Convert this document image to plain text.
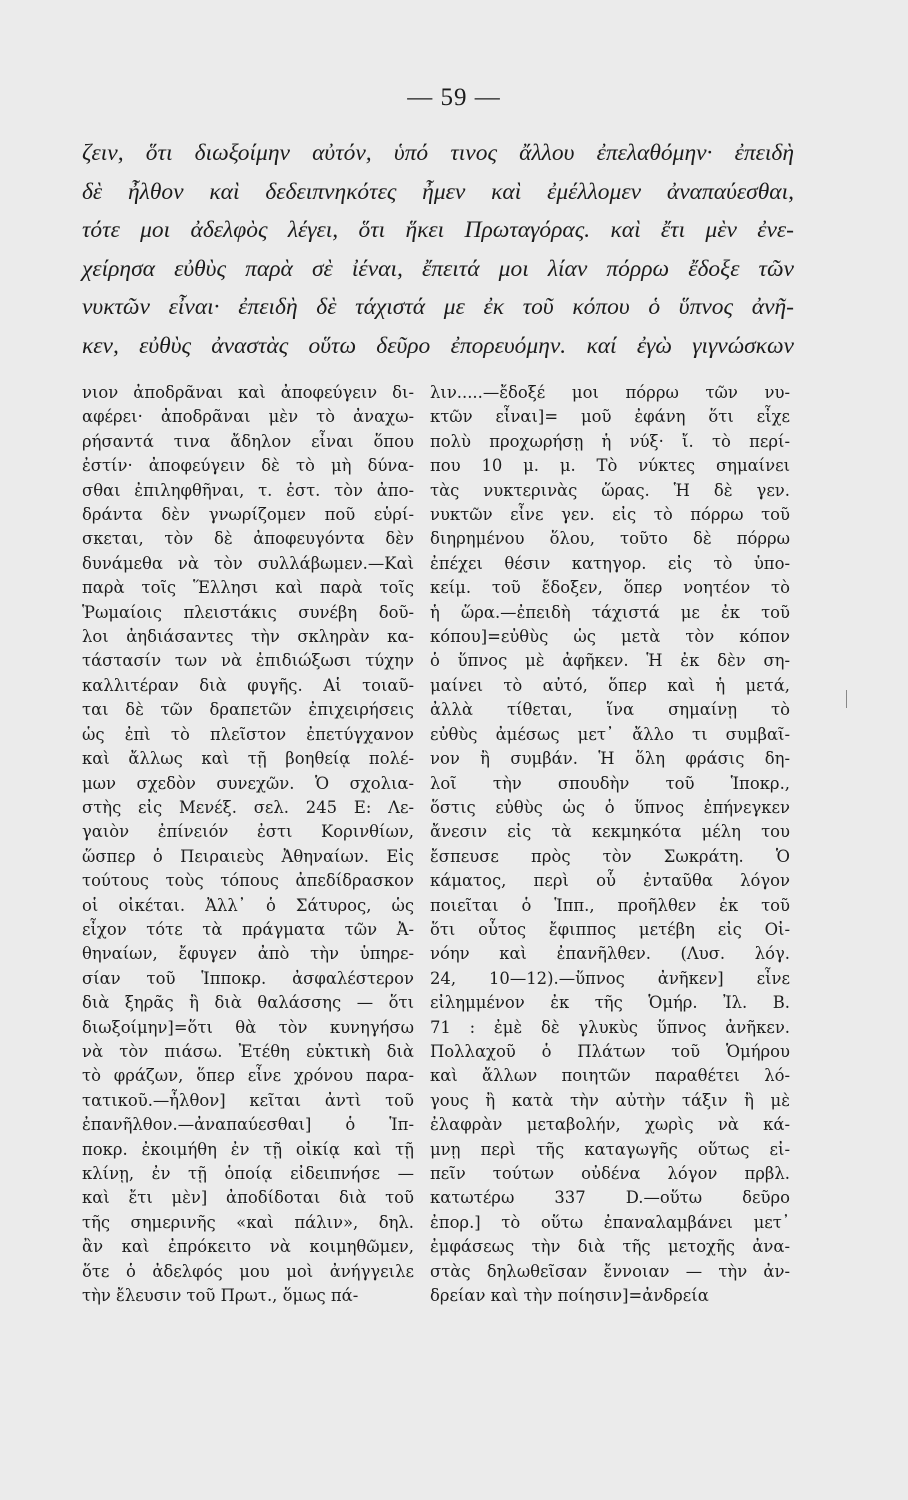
— 59 —
ζειν, ὅτι διωξοίμην αὐτόν, ὑπό τινος ἄλλου ἐπελαθόμην· ἐπειδὴ
δὲ ἦλθον καὶ δεδειπνηκότες ἦμεν καὶ ἐμέλλομεν ἀναπαύεσθαι,
τότε μοι ἀδελφὸς λέγει, ὅτι ἥκει Πρωταγόρας. καὶ ἔτι μὲν ἐνε-
χείρησα εὐθὺς παρὰ σὲ ἰέναι, ἔπειτά μοι λίαν πόρρω ἔδοξε τῶν
νυκτῶν εἶναι· ἐπειδὴ δὲ τάχιστά με ἐκ τοῦ κόπου ὁ ὕπνος ἀνῆ-
κεν, εὐθὺς ἀναστὰς οὕτω δεῦρο ἐπορευόμην. καί ἐγὼ γιγνώσκων
νιον ἀποδρᾶναι καὶ ἀποφεύγειν δι-
αφέρει· ἀποδρᾶναι μὲν τὸ ἀναχω-
ρήσαντά τινα ἄδηλον εἶναι ὅπου
ἐστίν· ἀποφεύγειν δὲ τὸ μὴ δύνα-
σθαι ἐπιληφθῆναι, τ. ἐστ. τὸν ἀπο-
δράντα δὲν γνωρίζομεν ποῦ εὑρί-
σκεται, τὸν δὲ ἀποφευγόντα δὲν
δυνάμεθα νὰ τὸν συλλάβωμεν.—Καὶ
παρὰ τοῖς Ἕλλησι καὶ παρὰ τοῖς
Ῥωμαίοις πλειστάκις συνέβη δοῦ-
λοι ἀηδιάσαντες τὴν σκληρὰν κα-
τάστασίν των νὰ ἐπιδιώξωσι τύχην
καλλιτέραν διὰ φυγῆς. Αἱ τοιαῦ-
ται δὲ τῶν δραπετῶν ἐπιχειρήσεις
ὡς ἐπὶ τὸ πλεῖστον ἐπετύγχανον
καὶ ἄλλως καὶ τῇ βοηθείᾳ πολέ-
μων σχεδὸν συνεχῶν. Ὁ σχολια-
στὴς εἰς Μενέξ. σελ. 245 Ε: Λε-
γαιὸν ἐπίνειόν ἐστι Κορινθίων,
ὥσπερ ὁ Πειραιεὺς Ἀθηναίων. Εἰς
τούτους τοὺς τόπους ἀπεδίδρασκον
οἱ οἰκέται. Ἀλλ᾽ ὁ Σάτυρος, ὡς
εἶχον τότε τὰ πράγματα τῶν Ἀ-
θηναίων, ἔφυγεν ἀπὸ τὴν ὑπηρε-
σίαν τοῦ Ἱπποκρ. ἀσφαλέστερον
διὰ ξηρᾶς ἢ διὰ θαλάσσης — ὅτι
διωξοίμην]=ὅτι θὰ τὸν κυνηγήσω
νὰ τὸν πιάσω. Ἐτέθη εὐκτικὴ διὰ
τὸ φράζων, ὅπερ εἶνε χρόνου παρα-
τατικοῦ.—ἦλθον] κεῖται ἀντὶ τοῦ
ἐπανῆλθον.—ἀναπαύεσθαι] ὁ Ἱπ-
ποκρ. ἐκοιμήθη ἐν τῇ οἰκίᾳ καὶ τῇ
κλίνῃ, ἐν τῇ ὁποίᾳ εἰδειπνήσε —
καὶ ἔτι μὲν] ἀποδίδοται διὰ τοῦ
τῆς σημερινῆς «καὶ πάλιν», δηλ.
ἂν καὶ ἐπρόκειτο νὰ κοιμηθῶμεν,
ὅτε ὁ ἀδελφός μου μοὶ ἀνήγγειλε
τὴν ἔλευσιν τοῦ Πρωτ., ὅμως πά-
λιν.....—ἔδοξέ μοι πόρρω τῶν νυ-
κτῶν εἶναι]= μοῦ ἐφάνη ὅτι εἶχε
πολὺ προχωρήσῃ ἡ νύξ· ἴ. τὸ περί-
που 10 μ. μ. Τὸ νύκτες σημαίνει
τὰς νυκτερινὰς ὥρας. Ἡ δὲ γεν.
νυκτῶν εἶνε γεν. εἰς τὸ πόρρω τοῦ
διηρημένου ὅλου, τοῦτο δὲ πόρρω
ἐπέχει θέσιν κατηγορ. εἰς τὸ ὑπο-
κείμ. τοῦ ἔδοξεν, ὅπερ νοητέον τὸ
ἡ ὥρα.—ἐπειδὴ τάχιστά με ἐκ τοῦ
κόπου]=εὐθὺς ὡς μετὰ τὸν κόπον
ὁ ὕπνος μὲ ἀφῆκεν. Ἡ ἐκ δὲν ση-
μαίνει τὸ αὐτό, ὅπερ καὶ ἡ μετά,
ἀλλὰ τίθεται, ἵνα σημαίνῃ τὸ
εὐθὺς ἀμέσως μετ᾽ ἄλλο τι συμβαῖ-
νον ἢ συμβάν. Ἡ ὅλη φράσις δη-
λοῖ τὴν σπουδὴν τοῦ Ἱποκρ.,
ὅστις εὐθὺς ὡς ὁ ὕπνος ἐπήνεγκεν
ἄνεσιν εἰς τὰ κεκμηκότα μέλη του
ἔσπευσε πρὸς τὸν Σωκράτη. Ὁ
κάματος, περὶ οὗ ἐνταῦθα λόγον
ποιεῖται ὁ Ἱππ., προῆλθεν ἐκ τοῦ
ὅτι οὗτος ἔφιππος μετέβη εἰς Οἰ-
νόην καὶ ἐπανῆλθεν. (Λυσ. λόγ.
24, 10—12).—ὕπνος ἀνῆκεν] εἶνε
εἰλημμένον ἐκ τῆς Ὁμήρ. Ἰλ. Β.
71 : ἐμὲ δὲ γλυκὺς ὕπνος ἀνῆκεν.
Πολλαχοῦ ὁ Πλάτων τοῦ Ὁμήρου
καὶ ἄλλων ποιητῶν παραθέτει λό-
γους ἢ κατὰ τὴν αὐτὴν τάξιν ἢ μὲ
ἐλαφρὰν μεταβολήν, χωρὶς νὰ κά-
μνῃ περὶ τῆς καταγωγῆς οὕτως εἰ-
πεῖν τούτων οὐδένα λόγον πρβλ.
κατωτέρω 337 D.—οὕτω δεῦρο
ἐπορ.] τὸ οὕτω ἐπαναλαμβάνει μετ᾽
ἐμφάσεως τὴν διὰ τῆς μετοχῆς ἀνα-
στὰς δηλωθεῖσαν ἔννοιαν — τὴν ἀν-
δρείαν καὶ τὴν ποίησιν]=ἀνδρεία
